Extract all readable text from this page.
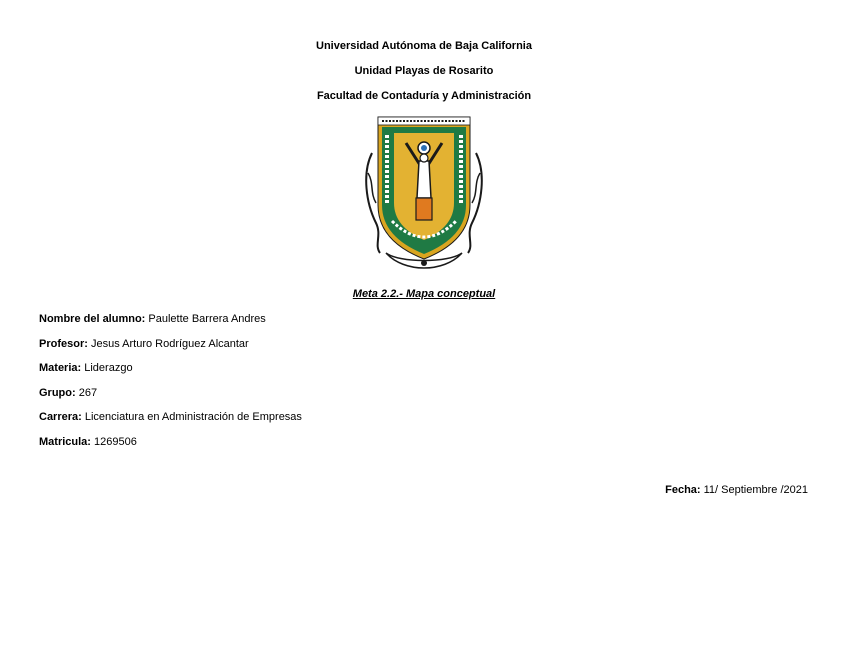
Universidad Autónoma de Baja California
Unidad Playas de Rosarito
Facultad de Contaduría y Administración
Meta 2.2.- Mapa conceptual
Nombre del alumno: Paulette Barrera Andres
Profesor: Jesus Arturo Rodríguez Alcantar
Materia: Liderazgo
Grupo: 267
Carrera: Licenciatura en Administración de Empresas
Matricula: 1269506
Fecha: 11/ Septiembre /2021
